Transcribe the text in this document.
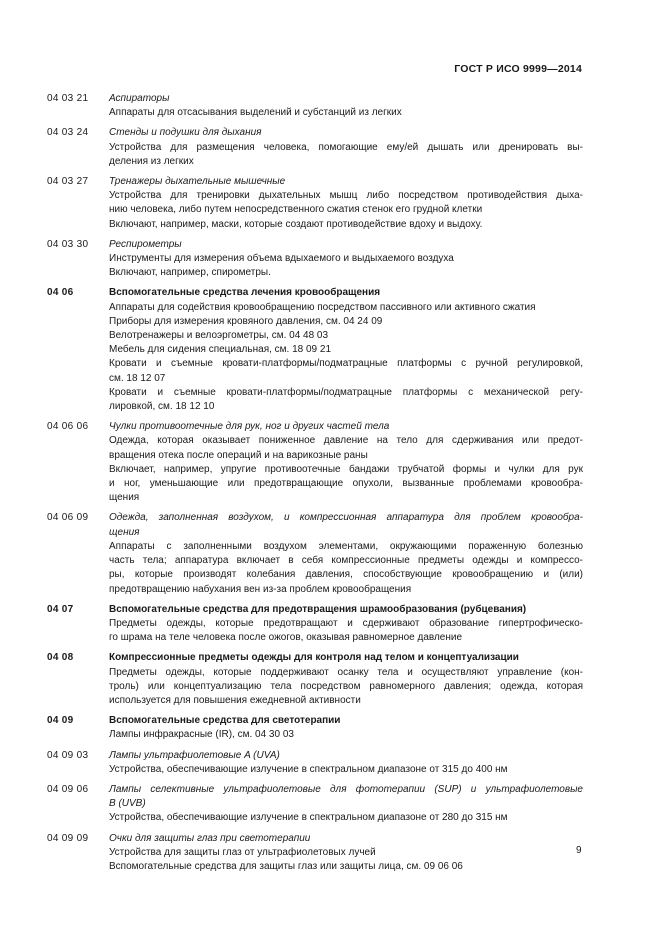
ГОСТ Р ИСО 9999—2014
04 03 21	Аспираторы
Аппараты для отсасывания выделений и субстанций из легких
04 03 24	Стенды и подушки для дыхания
Устройства для размещения человека, помогающие ему/ей дышать или дренировать вы-
деления из легких
04 03 27	Тренажеры дыхательные мышечные
Устройства для тренировки дыхательных мышц либо посредством противодействия дыха-
нию человека, либо путем непосредственного сжатия стенок его грудной клетки
Включают, например, маски, которые создают противодействие вдоху и выдоху.
04 03 30	Респирометры
Инструменты для измерения объема вдыхаемого и выдыхаемого воздуха
Включают, например, спирометры.
04 06	Вспомогательные средства лечения кровообращения
Аппараты для содействия кровообращению посредством пассивного или активного сжатия
Приборы для измерения кровяного давления, см. 04 24 09
Велотренажеры и велоэргометры, см. 04 48 03
Мебель для сидения специальная, см. 18 09 21
Кровати и съемные кровати-платформы/подматрацные платформы с ручной регулировкой,
см. 18 12 07
Кровати и съемные кровати-платформы/подматрацные платформы с механической регу-
лировкой, см. 18 12 10
04 06 06	Чулки противоотечные для рук, ног и других частей тела
Одежда, которая оказывает пониженное давление на тело для сдерживания или предот-
вращения отека после операций и на варикозные раны
Включает, например, упругие противоотечные бандажи трубчатой формы и чулки для рук
и ног, уменьшающие или предотвращающие опухоли, вызванные проблемами кровообра-
щения
04 06 09	Одежда, заполненная воздухом, и компрессионная аппаратура для проблем кровообра-
щения
Аппараты с заполненными воздухом элементами, окружающими пораженную болезнью
часть тела; аппаратура включает в себя компрессионные предметы одежды и компрессо-
ры, которые производят колебания давления, способствующие кровообращению и (или)
предотвращению набухания вен из-за проблем кровообращения
04 07	Вспомогательные средства для предотвращения шрамообразования (рубцевания)
Предметы одежды, которые предотвращают и сдерживают образование гипертрофическо-
го шрама на теле человека после ожогов, оказывая равномерное давление
04 08	Компрессионные предметы одежды для контроля над телом и концептуализации
Предметы одежды, которые поддерживают осанку тела и осуществляют управление (кон-
троль) или концептуализацию тела посредством равномерного давления; одежда, которая
используется для повышения ежедневной активности
04 09	Вспомогательные средства для светотерапии
Лампы инфракрасные (IR), см. 04 30 03
04 09 03	Лампы ультрафиолетовые A (UVA)
Устройства, обеспечивающие излучение в спектральном диапазоне от 315 до 400 нм
04 09 06	Лампы селективные ультрафиолетовые для фототерапии (SUP) и ультрафиолетовые
B (UVB)
Устройства, обеспечивающие излучение в спектральном диапазоне от 280 до 315 нм
04 09 09	Очки для защиты глаз при светотерапии
Устройства для защиты глаз от ультрафиолетовых лучей
Вспомогательные средства для защиты глаз или защиты лица, см. 09 06 06
9
